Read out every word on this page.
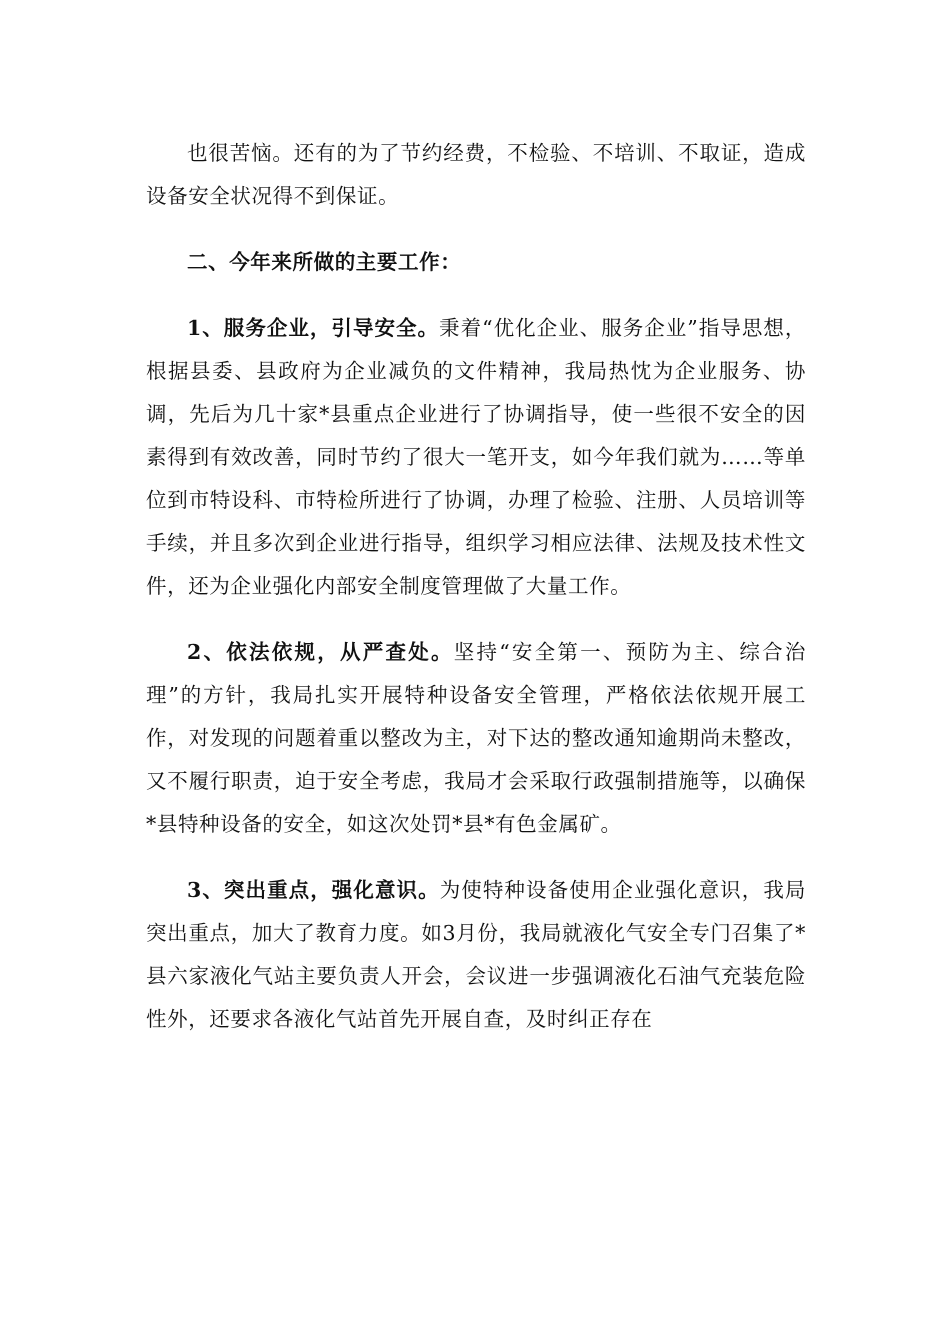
也很苦恼。还有的为了节约经费，不检验、不培训、不取证，造成设备安全状况得不到保证。

二、今年来所做的主要工作：

1、服务企业，引导安全。秉着“优化企业、服务企业”指导思想，根据县委、县政府为企业减负的文件精神，我局热忱为企业服务、协调，先后为几十家*县重点企业进行了协调指导，使一些很不安全的因素得到有效改善，同时节约了很大一笔开支，如今年我们就为……等单位到市特设科、市特检所进行了协调，办理了检验、注册、人员培训等手续，并且多次到企业进行指导，组织学习相应法律、法规及技术性文件，还为企业强化内部安全制度管理做了大量工作。

2、依法依规，从严查处。坚持“安全第一、预防为主、综合治理”的方针，我局扎实开展特种设备安全管理，严格依法依规开展工作，对发现的问题着重以整改为主，对下达的整改通知逾期尚未整改，又不履行职责，迫于安全考虑，我局才会采取行政强制措施等，以确保*县特种设备的安全，如这次处罚*县*有色金属矿。

3、突出重点，强化意识。为使特种设备使用企业强化意识，我局突出重点，加大了教育力度。如3月份，我局就液化气安全专门召集了*县六家液化气站主要负责人开会，会议进一步强调液化石油气充装危险性外，还要求各液化气站首先开展自查，及时纠正存在
